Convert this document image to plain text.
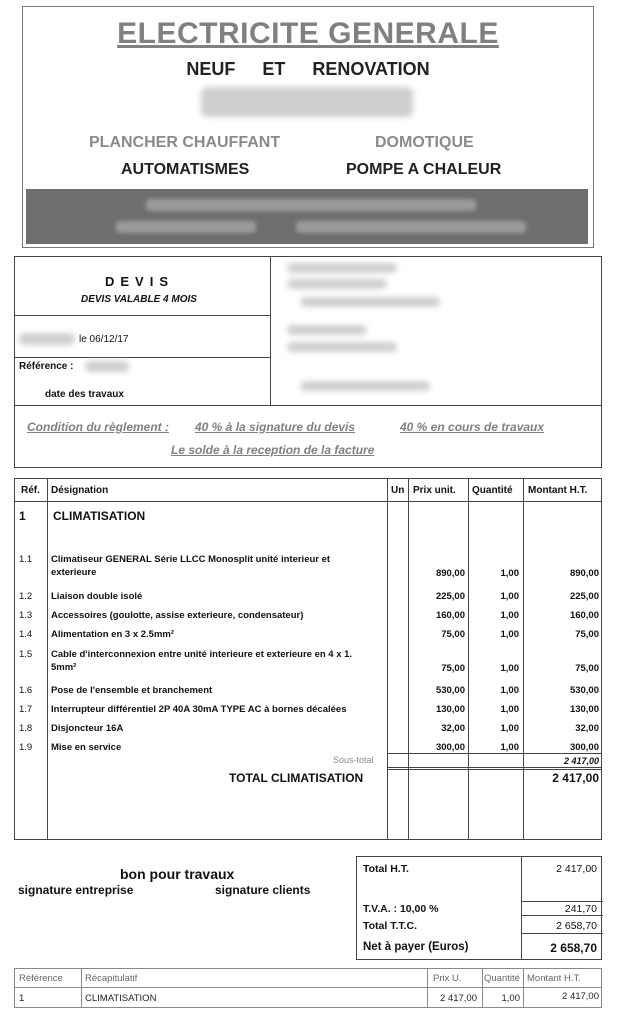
ELECTRICITE GENERALE
NEUF ET RENOVATION
PLANCHER CHAUFFANT	DOMOTIQUE
AUTOMATISMES	POMPE A CHALEUR
DEVIS
DEVIS VALABLE 4 MOIS
le 06/12/17
Référence :
date des travaux
Condition du règlement : 40 % à la signature du devis	40 % en cours de travaux
Le solde à la reception de la facture
Réf. Désignation	Un Prix unit. Quantité Montant H.T.
1 CLIMATISATION
1.1 Climatiseur GENERAL Série LLCC Monosplit unité interieur et
exterieure	890,00	1,00	890,00
1.2 Liaison double isolé	225,00	1,00	225,00
1.3 Accessoires (goulotte, assise exterieure, condensateur)	160,00	1,00	160,00
1.4 Alimentation en 3 x 2.5mm²	75,00	1,00	75,00
1.5 Cable d'interconnexion entre unité interieure et exterieure en 4 x 1.
5mm²	75,00	1,00	75,00
1.6 Pose de l'ensemble et branchement	530,00	1,00	530,00
1.7 Interrupteur différentiel 2P 40A 30mA TYPE AC à bornes décalées	130,00	1,00	130,00
1.8 Disjoncteur 16A	32,00	1,00	32,00
1.9 Mise en service	300,00	1,00	300,00
Sous-total	2 417,00
TOTAL CLIMATISATION	2 417,00
bon pour travaux
signature entreprise	signature clients
Total H.T.	2 417,00
T.V.A. : 10,00 %	241,70
Total T.T.C.	2 658,70
Net à payer (Euros)	2 658,70
Référence Récapitulatif	Prix U. Quantité Montant H.T.
1	CLIMATISATION	2 417,00	1,00	2 417,00
